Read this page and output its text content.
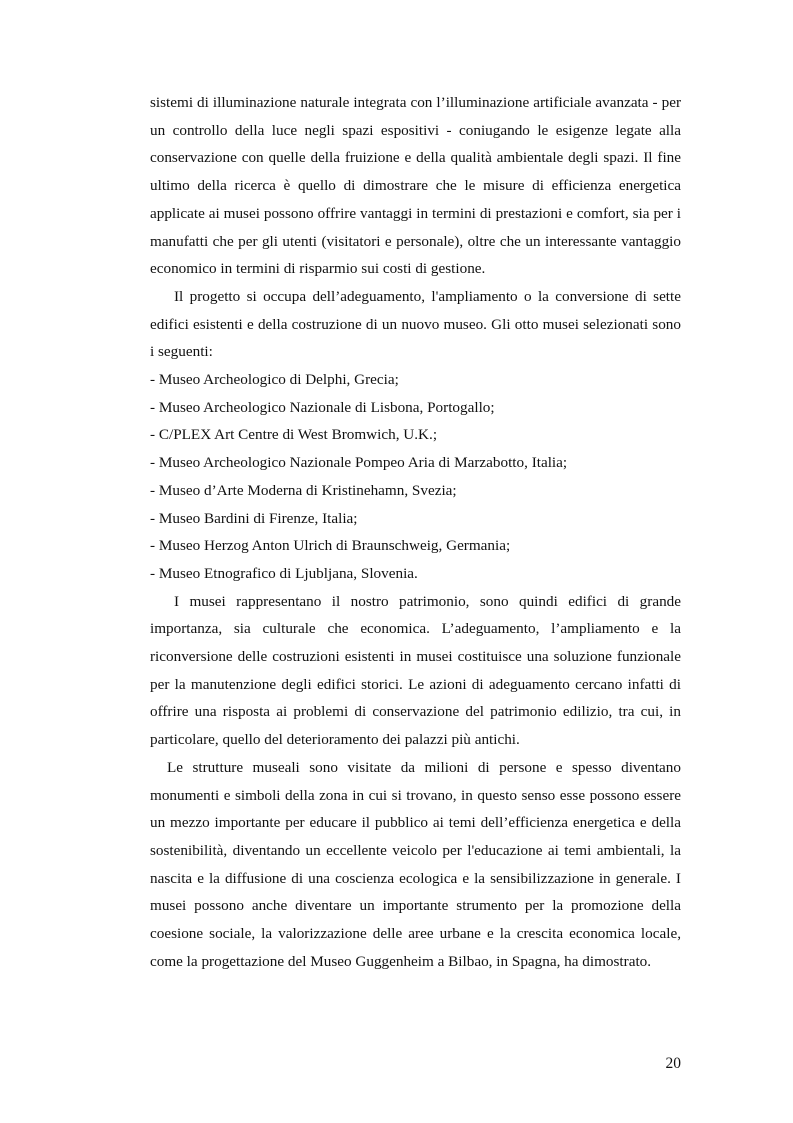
sistemi di illuminazione naturale integrata con l’illuminazione artificiale avanzata - per un controllo della luce negli spazi espositivi - coniugando le esigenze legate alla conservazione con quelle della fruizione e della qualità ambientale degli spazi. Il fine ultimo della ricerca è quello di dimostrare che le misure di efficienza energetica applicate ai musei possono offrire vantaggi in termini di prestazioni e comfort, sia per i manufatti che per gli utenti (visitatori e personale), oltre che un interessante vantaggio economico in termini di risparmio sui costi di gestione.

Il progetto si occupa dell’adeguamento, l'ampliamento o la conversione di sette edifici esistenti e della costruzione di un nuovo museo. Gli otto musei selezionati sono i seguenti:

- Museo Archeologico di Delphi, Grecia;
- Museo Archeologico Nazionale di Lisbona, Portogallo;
- C/PLEX Art Centre di West Bromwich, U.K.;
- Museo Archeologico Nazionale Pompeo Aria di Marzabotto, Italia;
- Museo d’Arte Moderna di Kristinehamn, Svezia;
- Museo Bardini di Firenze, Italia;
- Museo Herzog Anton Ulrich di Braunschweig, Germania;
- Museo Etnografico di Ljubljana, Slovenia.

I musei rappresentano il nostro patrimonio, sono quindi edifici di grande importanza, sia culturale che economica. L’adeguamento, l’ampliamento e la riconversione delle costruzioni esistenti in musei costituisce una soluzione funzionale per la manutenzione degli edifici storici. Le azioni di adeguamento cercano infatti di offrire una risposta ai problemi di conservazione del patrimonio edilizio, tra cui, in particolare, quello del deterioramento dei palazzi più antichi.

Le strutture museali sono visitate da milioni di persone e spesso diventano monumenti e simboli della zona in cui si trovano, in questo senso esse possono essere un mezzo importante per educare il pubblico ai temi dell’efficienza energetica e della sostenibilità, diventando un eccellente veicolo per l'educazione ai temi ambientali, la nascita e la diffusione di una coscienza ecologica e la sensibilizzazione in generale. I musei possono anche diventare un importante strumento per la promozione della coesione sociale, la valorizzazione delle aree urbane e la crescita economica locale, come la progettazione del Museo Guggenheim a Bilbao, in Spagna, ha dimostrato.

20
